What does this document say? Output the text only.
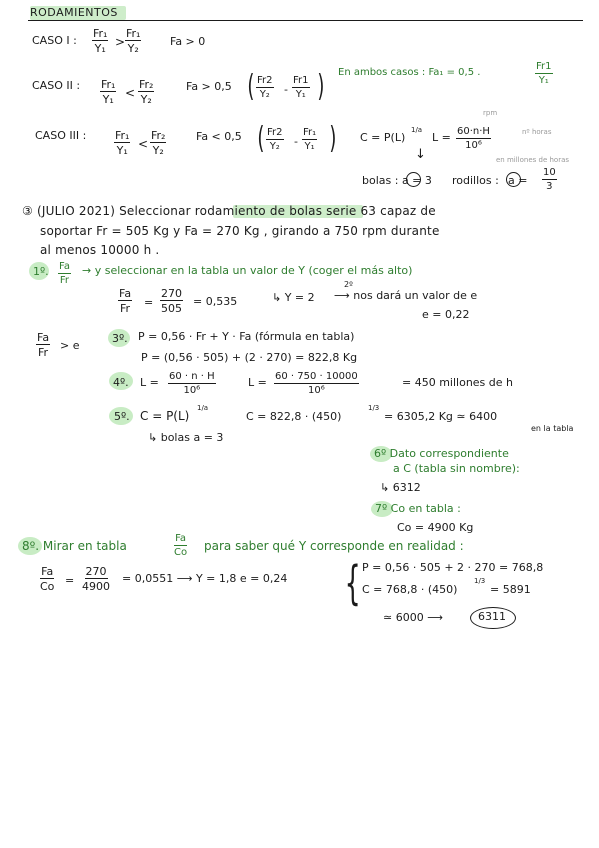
RODAMIENTOS
CASO I : $\frac{\text{Fr₁}}{\text{Y₁}} > \frac{\text{Fr₁}}{\text{Y₂}}$	Fa > 0
CASO II : $\frac{\text{Fr₁}}{\text{Y₁}} < \frac{\text{Fr₂}}{\text{Y₂}}$	Fa > 0,5 ( $\frac{Fr2}{\text{Y₂}} - \frac{Fr1}{\text{Y₁}}$ ) En ambos casos : Fa₁ = 0,5 .	$\frac{Fr1}{\text{Y₁}}$
CASO III :	$\frac{\text{Fr₁}}{\text{Y₁}} < \frac{\text{Fr₂}}{\text{Y₂}}$	Fa < 0,5 ( $\frac{Fr2}{\text{Y₂}} - \frac{\text{Fr₁}}{\text{Y₁}}$ ) C = P(L)
1/a
$L = \frac{60\cdot n\cdot H}{\text{10⁶}}$
rpm
nº horas
en millones de horas
↓
bolas : a = 3 rodillos : $a = \frac{10}{3}$
③ (JULIO 2021) Seleccionar rodamiento de bolas serie 63 capaz de
soportar Fr = 505 Kg y Fa = 270 Kg , girando a 750 rpm durante
al menos 10000 h .
1º. $\frac{Fa}{Fr} \to y$ seleccionar en la tabla un valor de Y (coger el más alto)
$\frac{Fa}{Fr} = \frac{270}{505} = 0,535$	↳ Y = 2
2º
⟶ nos dará un valor de e
e = 0,22
$\frac{Fa}{Fr} > e$
3º. P = 0,56 · Fr + Y · Fa (fórmula en tabla)
P = (0,56 · 505) + (2 · 270) = 822,8 Kg
4º. $L = \frac{60 \cdot n \cdot H}{\text{10⁶}}$	$L = \frac{60 \cdot 750 \cdot 10000}{\text{10⁶}}$	= 450 millones de h
5º. C = P(L)
1/a
C = 822,8 · (450)
1/3
= 6305,2 Kg ≃ 6400
en la tabla
↳ bolas a = 3
6º Dato correspondiente
a C (tabla sin nombre):
↳ 6312
7º Co en tabla :
Co = 4900 Kg
8º. Mirar en tabla	$\frac{Fa}{Co}$ para saber qué Y corresponde en realidad :
$\frac{Fa}{Co} = \frac{270}{4900} = 0,0551$ ⟶ Y = 1,8 e = 0,24 { P = 0,56 · 505 + 2 · 270 = 768,8
C = 768,8 · (450)
1/3
= 5891
≃ 6000 ⟶	6311
